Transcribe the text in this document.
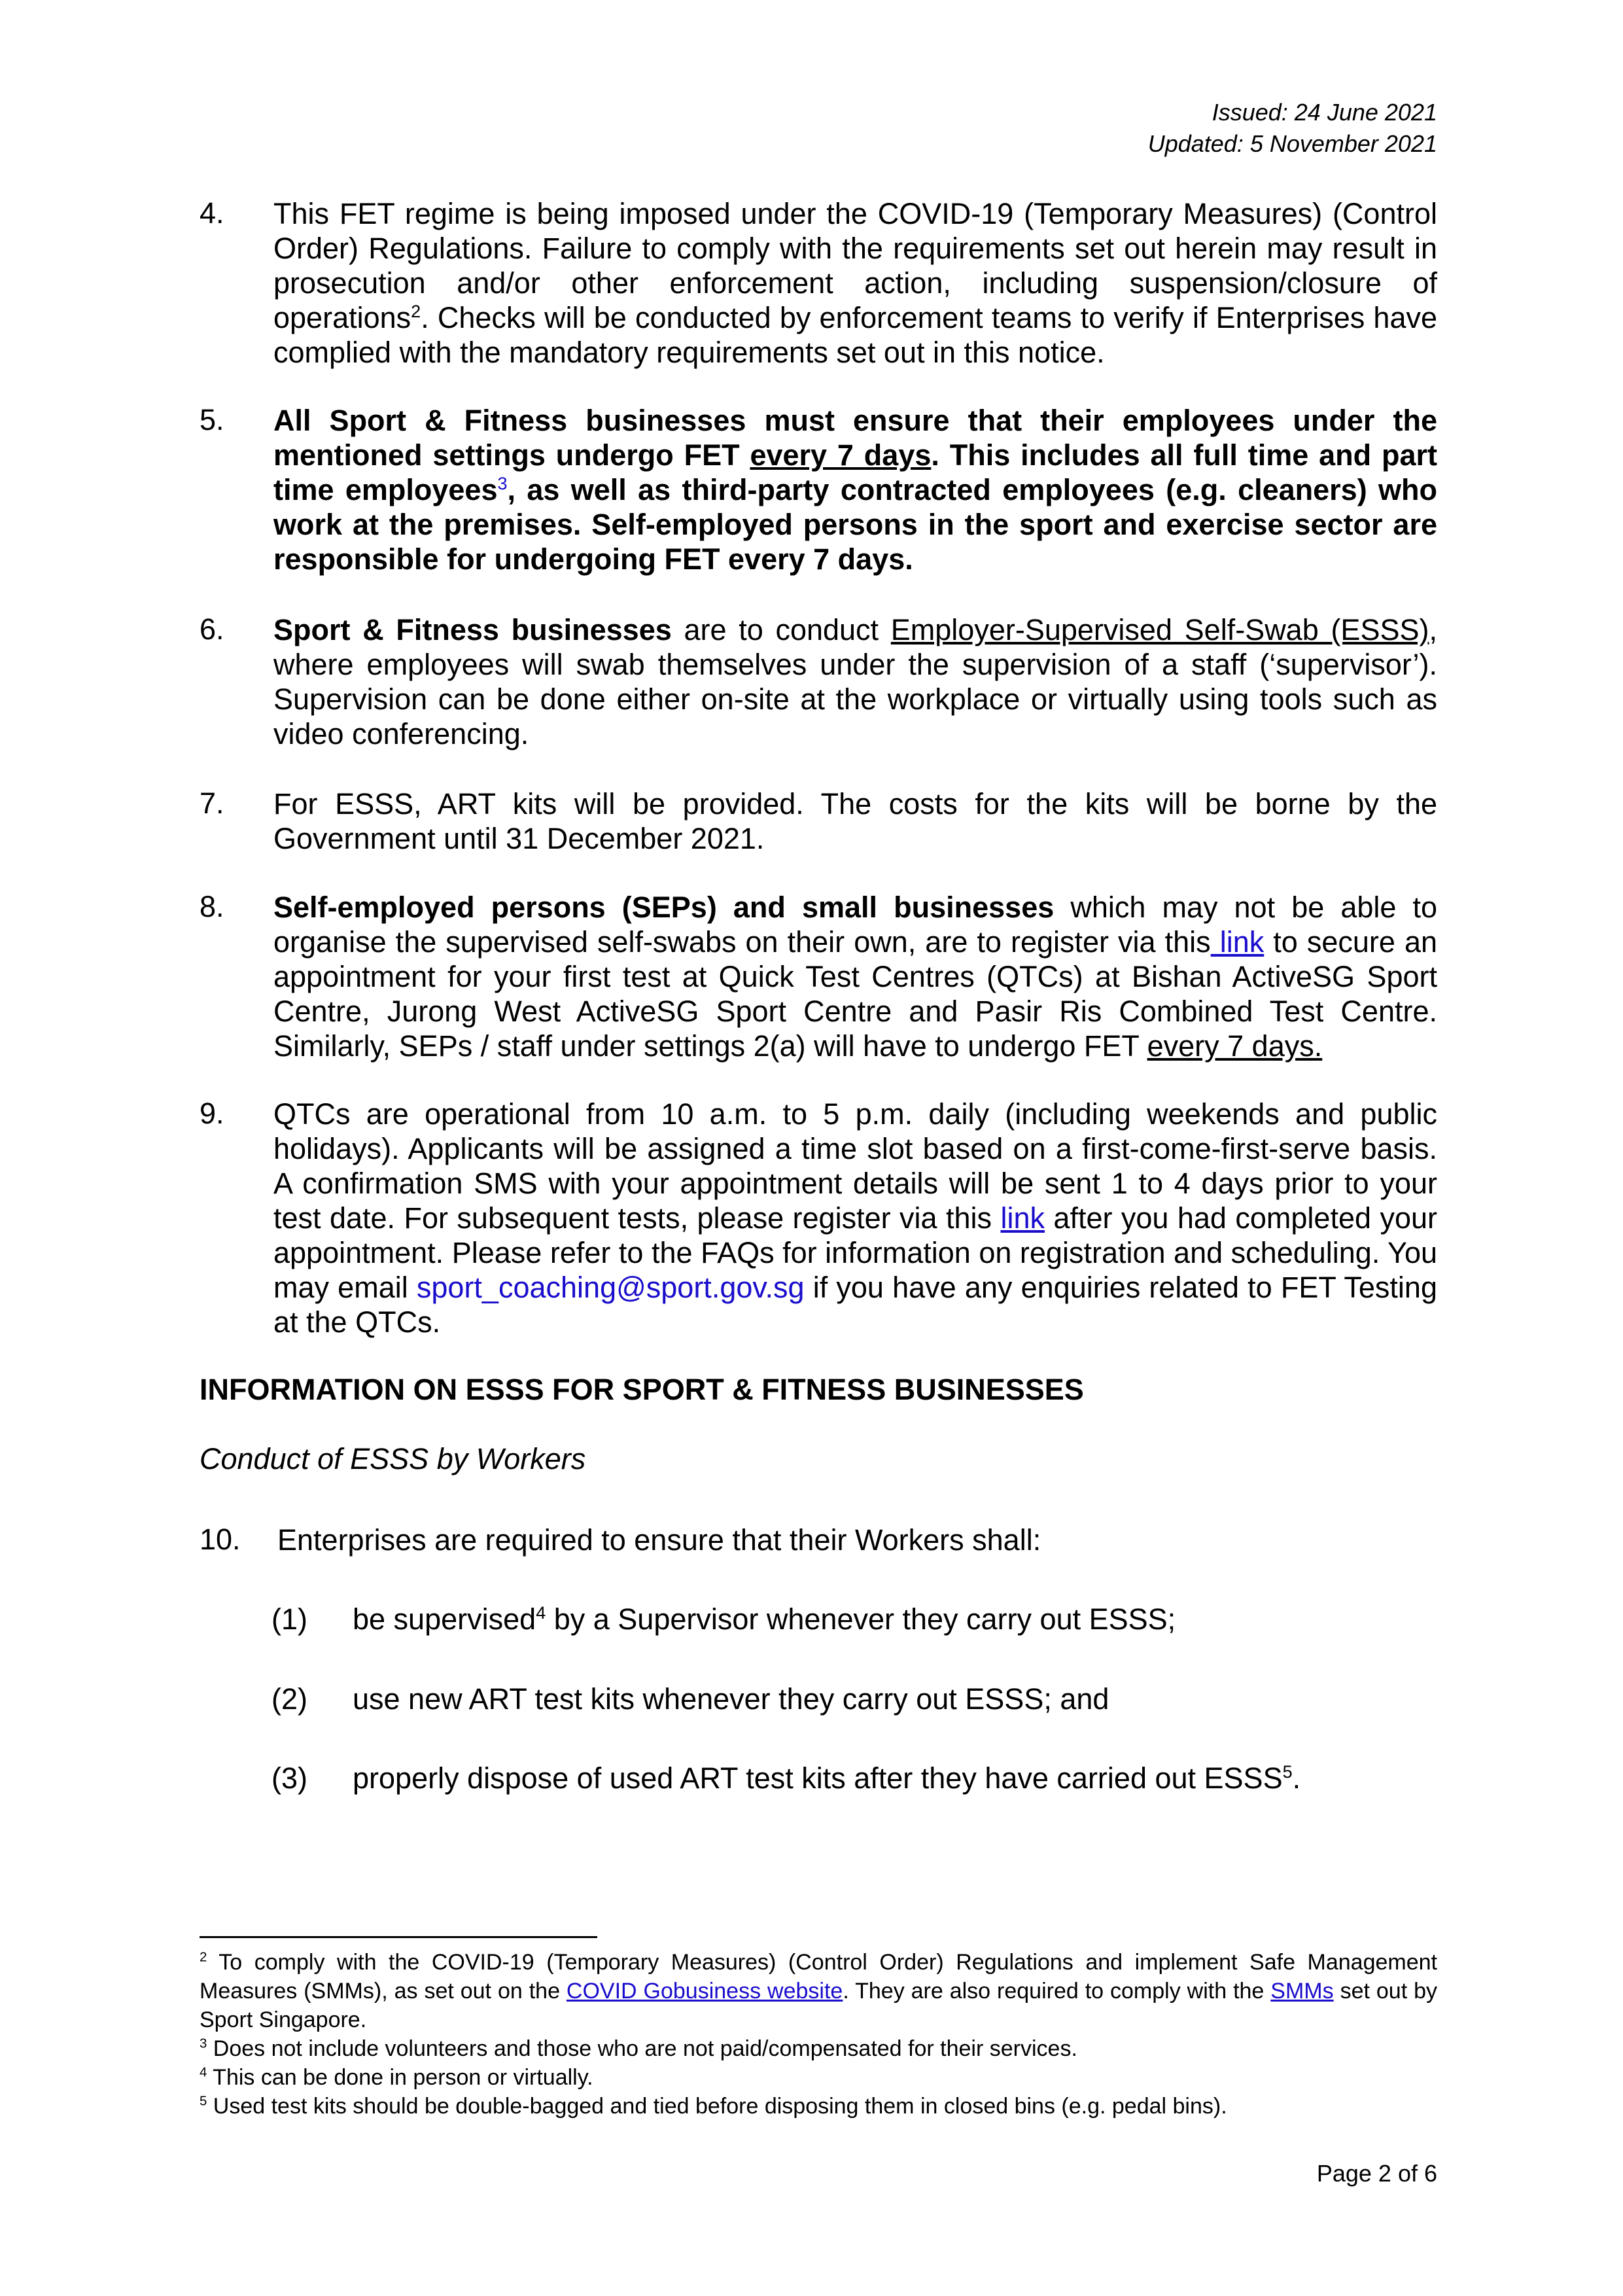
Issued: 24 June 2021
Updated: 5 November 2021
4. This FET regime is being imposed under the COVID-19 (Temporary Measures) (Control Order) Regulations. Failure to comply with the requirements set out herein may result in prosecution and/or other enforcement action, including suspension/closure of operations$^2$. Checks will be conducted by enforcement teams to verify if Enterprises have complied with the mandatory requirements set out in this notice.
5. All Sport & Fitness businesses must ensure that their employees under the mentioned settings undergo FET every 7 days. This includes all full time and part time employees$^3$, as well as third-party contracted employees (e.g. cleaners) who work at the premises. Self-employed persons in the sport and exercise sector are responsible for undergoing FET every 7 days.
6. Sport & Fitness businesses are to conduct Employer-Supervised Self-Swab (ESSS), where employees will swab themselves under the supervision of a staff (‘supervisor’). Supervision can be done either on-site at the workplace or virtually using tools such as video conferencing.
7. For ESSS, ART kits will be provided. The costs for the kits will be borne by the Government until 31 December 2021.
8. Self-employed persons (SEPs) and small businesses which may not be able to organise the supervised self-swabs on their own, are to register via this link to secure an appointment for your first test at Quick Test Centres (QTCs) at Bishan ActiveSG Sport Centre, Jurong West ActiveSG Sport Centre and Pasir Ris Combined Test Centre. Similarly, SEPs / staff under settings 2(a) will have to undergo FET every 7 days.
9. QTCs are operational from 10 a.m. to 5 p.m. daily (including weekends and public holidays). Applicants will be assigned a time slot based on a first-come-first-serve basis. A confirmation SMS with your appointment details will be sent 1 to 4 days prior to your test date. For subsequent tests, please register via this link after you had completed your appointment. Please refer to the FAQs for information on registration and scheduling. You may email sport_coaching@sport.gov.sg if you have any enquiries related to FET Testing at the QTCs.
INFORMATION ON ESSS FOR SPORT & FITNESS BUSINESSES
Conduct of ESSS by Workers
10. Enterprises are required to ensure that their Workers shall:
(1) be supervised$^4$ by a Supervisor whenever they carry out ESSS;
(2) use new ART test kits whenever they carry out ESSS; and
(3) properly dispose of used ART test kits after they have carried out ESSS$^5$.
$^2$ To comply with the COVID-19 (Temporary Measures) (Control Order) Regulations and implement Safe Management Measures (SMMs), as set out on the COVID Gobusiness website. They are also required to comply with the SMMs set out by Sport Singapore.
$^3$ Does not include volunteers and those who are not paid/compensated for their services.
$^4$ This can be done in person or virtually.
$^5$ Used test kits should be double-bagged and tied before disposing them in closed bins (e.g. pedal bins).
Page 2 of 6
